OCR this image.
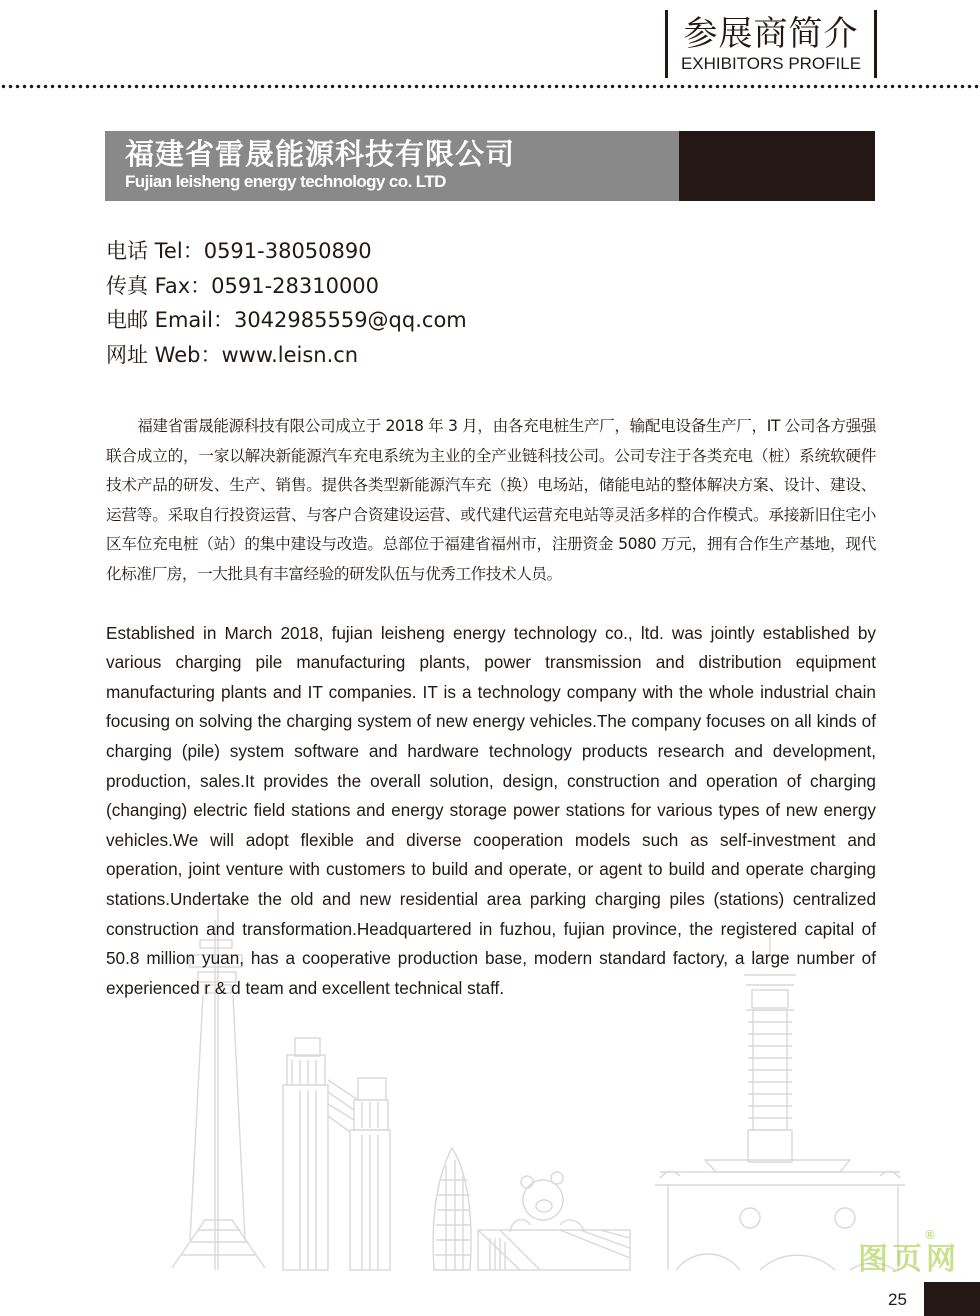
参展商简介
EXHIBITORS PROFILE
福建省雷晟能源科技有限公司
Fujian leisheng energy technology co. LTD
电话 Tel：0591-38050890
传真 Fax：0591-28310000
电邮 Email：3042985559@qq.com
网址 Web：www.leisn.cn

福建省雷晟能源科技有限公司成立于 2018 年 3 月，由各充电桩生产厂，输配电设备生产厂，IT 公司各方强强联合成立的，一家以解决新能源汽车充电系统为主业的全产业链科技公司。公司专注于各类充电（桩）系统软硬件技术产品的研发、生产、销售。提供各类型新能源汽车充（换）电场站，储能电站的整体解决方案、设计、建设、运营等。采取自行投资运营、与客户合资建设运营、或代建代运营充电站等灵活多样的合作模式。承接新旧住宅小区车位充电桩（站）的集中建设与改造。总部位于福建省福州市，注册资金 5080 万元，拥有合作生产基地，现代化标准厂房，一大批具有丰富经验的研发队伍与优秀工作技术人员。

Established in March 2018, fujian leisheng energy technology co., ltd. was jointly established by various charging pile manufacturing plants, power transmission and distribution equipment manufacturing plants and IT companies. IT is a technology company with the whole industrial chain focusing on solving the charging system of new energy vehicles.The company focuses on all kinds of charging (pile) system software and hardware technology products research and development, production, sales.It provides the overall solution, design, construction and operation of charging (changing) electric field stations and energy storage power stations for various types of new energy vehicles.We will adopt flexible and diverse cooperation models such as self-investment and operation, joint venture with customers to build and operate, or agent to build and operate charging stations.Undertake the old and new residential area parking charging piles (stations) centralized construction and transformation.Headquartered in fuzhou, fujian province, the registered capital of 50.8 million yuan, has a cooperative production base, modern standard factory, a large number of experienced r & d team and excellent technical staff.

25
图页网
®
